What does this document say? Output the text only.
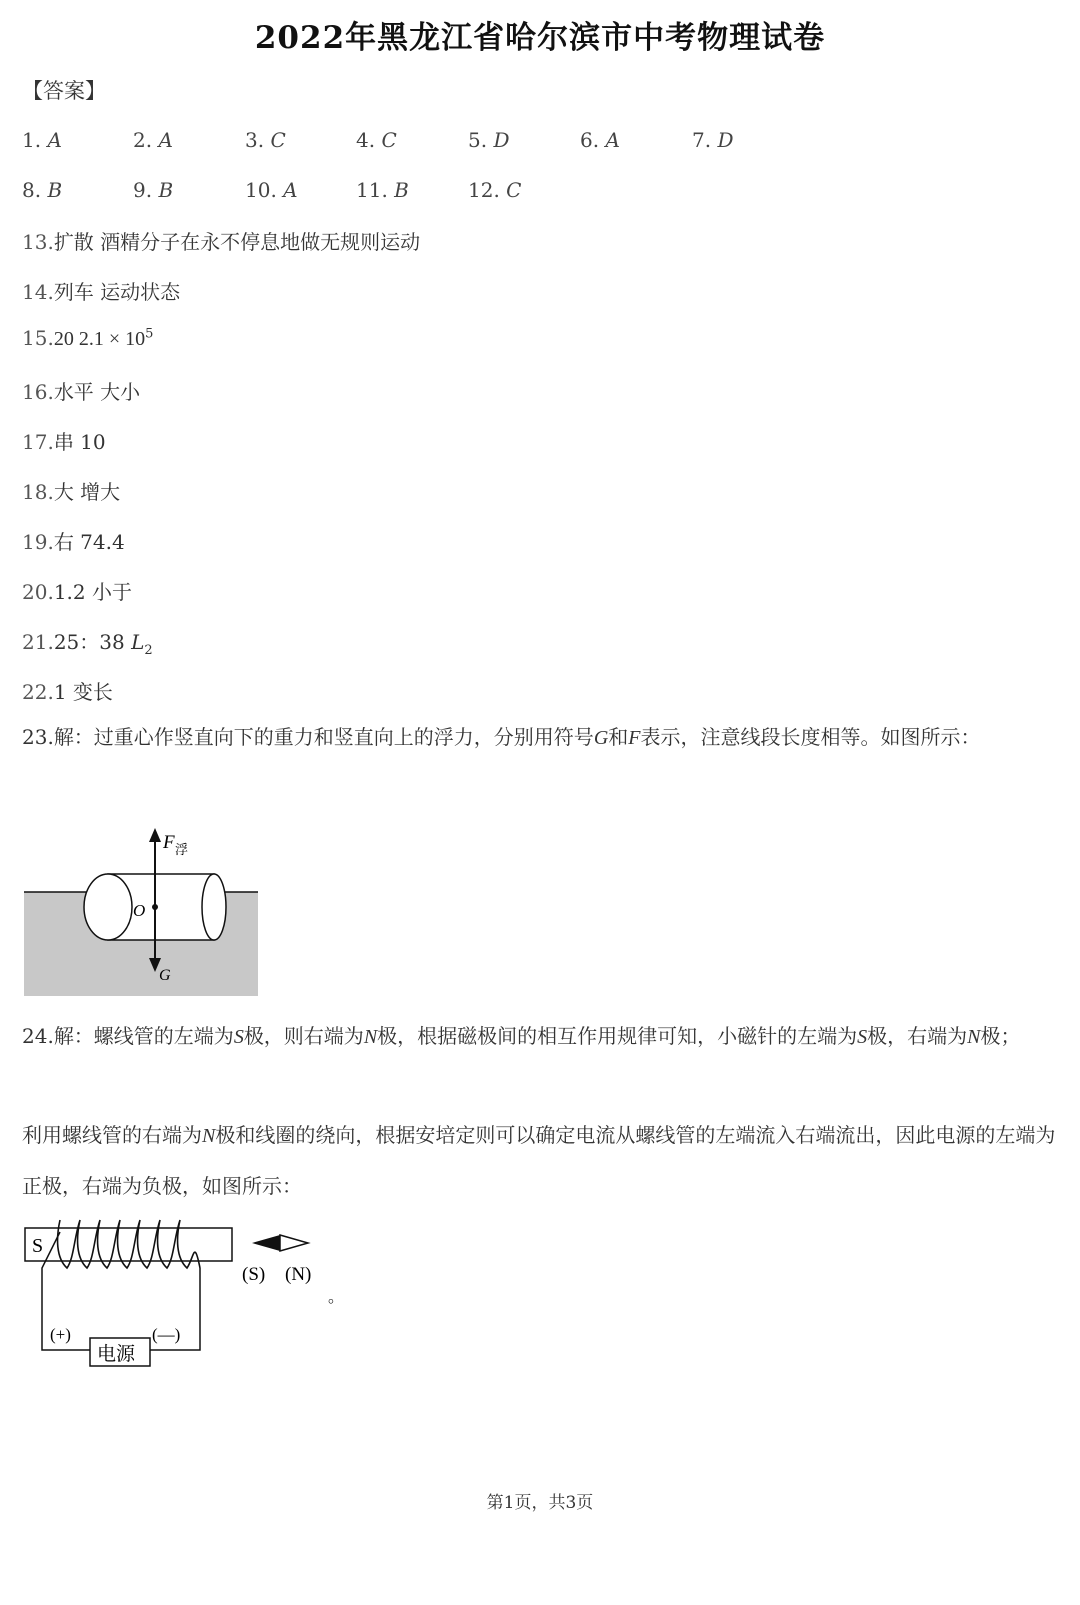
2022年黑龙江省哈尔滨市中考物理试卷
【答案】
1. A	2. A	3. C	4. C	5. D	6. A	7. D
8. B	9. B	10. A	11. B	12. C
13.扩散 酒精分子在永不停息地做无规则运动
14.列车 运动状态
15.20 $2.1 \times 10^5$
16.水平 大小
17.串 10
18.大 增大
19.右 74.4
20.1.2 小于
21.25：38 $L_2$
22.1 变长
23.解：过重心作竖直向下的重力和竖直向上的浮力，分别用符号G和F表示，注意线段长度相等。如图所示：
F 浮
O
G
24.解：螺线管的左端为S极，则右端为N极，根据磁极间的相互作用规律可知，小磁针的左端为S极，右端为N极；
利用螺线管的右端为N极和线圈的绕向，根据安培定则可以确定电流从螺线管的左端流入右端流出，因此电源的左端为正极，右端为负极，如图所示：
S
电源
(+)	(—)
(S) (N)
。
第1页，共3页
